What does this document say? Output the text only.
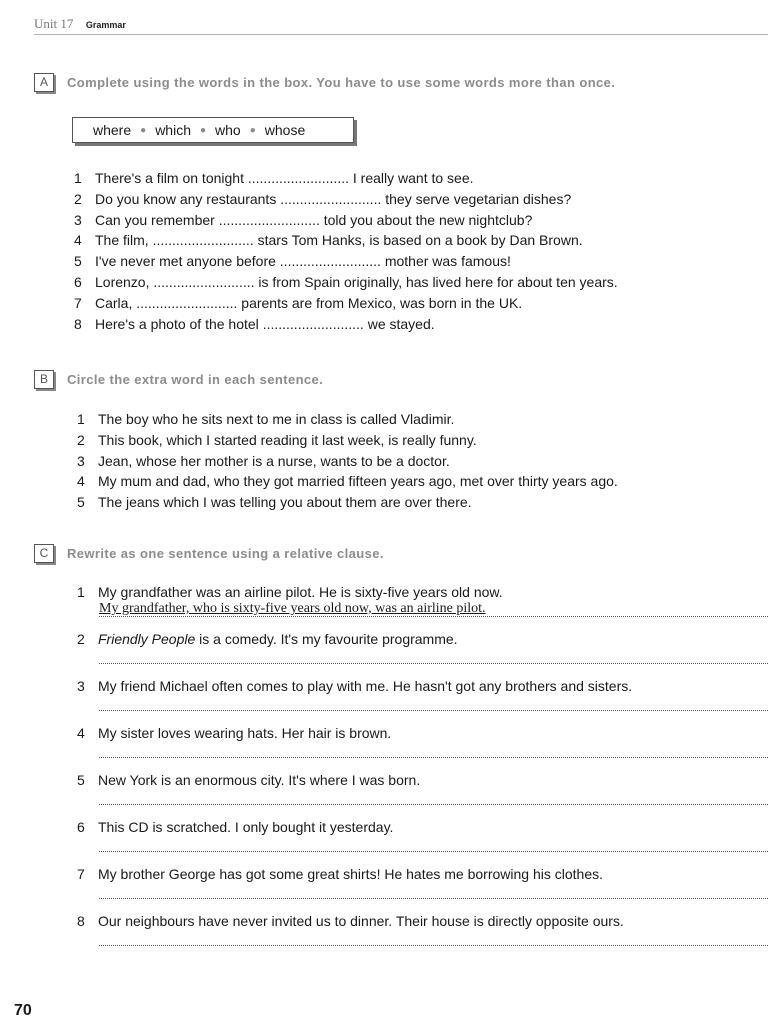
Unit 17 Grammar
A	Complete using the words in the box. You have to use some words more than once.
where ● which ● who ● whose
1 There's a film on tonight .......................... I really want to see.
2 Do you know any restaurants .......................... they serve vegetarian dishes?
3 Can you remember .......................... told you about the new nightclub?
4 The film, .......................... stars Tom Hanks, is based on a book by Dan Brown.
5 I've never met anyone before .......................... mother was famous!
6 Lorenzo, .......................... is from Spain originally, has lived here for about ten years.
7 Carla, .......................... parents are from Mexico, was born in the UK.
8 Here's a photo of the hotel .......................... we stayed.
B	Circle the extra word in each sentence.
1 The boy who he sits next to me in class is called Vladimir.
2 This book, which I started reading it last week, is really funny.
3 Jean, whose her mother is a nurse, wants to be a doctor.
4 My mum and dad, who they got married fifteen years ago, met over thirty years ago.
5 The jeans which I was telling you about them are over there.
C	Rewrite as one sentence using a relative clause.
1 My grandfather was an airline pilot. He is sixty-five years old now.
My grandfather, who is sixty-five years old now, was an airline pilot.
2 Friendly People is a comedy. It's my favourite programme.
3 My friend Michael often comes to play with me. He hasn't got any brothers and sisters.
4 My sister loves wearing hats. Her hair is brown.
5 New York is an enormous city. It's where I was born.
6 This CD is scratched. I only bought it yesterday.
7 My brother George has got some great shirts! He hates me borrowing his clothes.
8 Our neighbours have never invited us to dinner. Their house is directly opposite ours.
70
